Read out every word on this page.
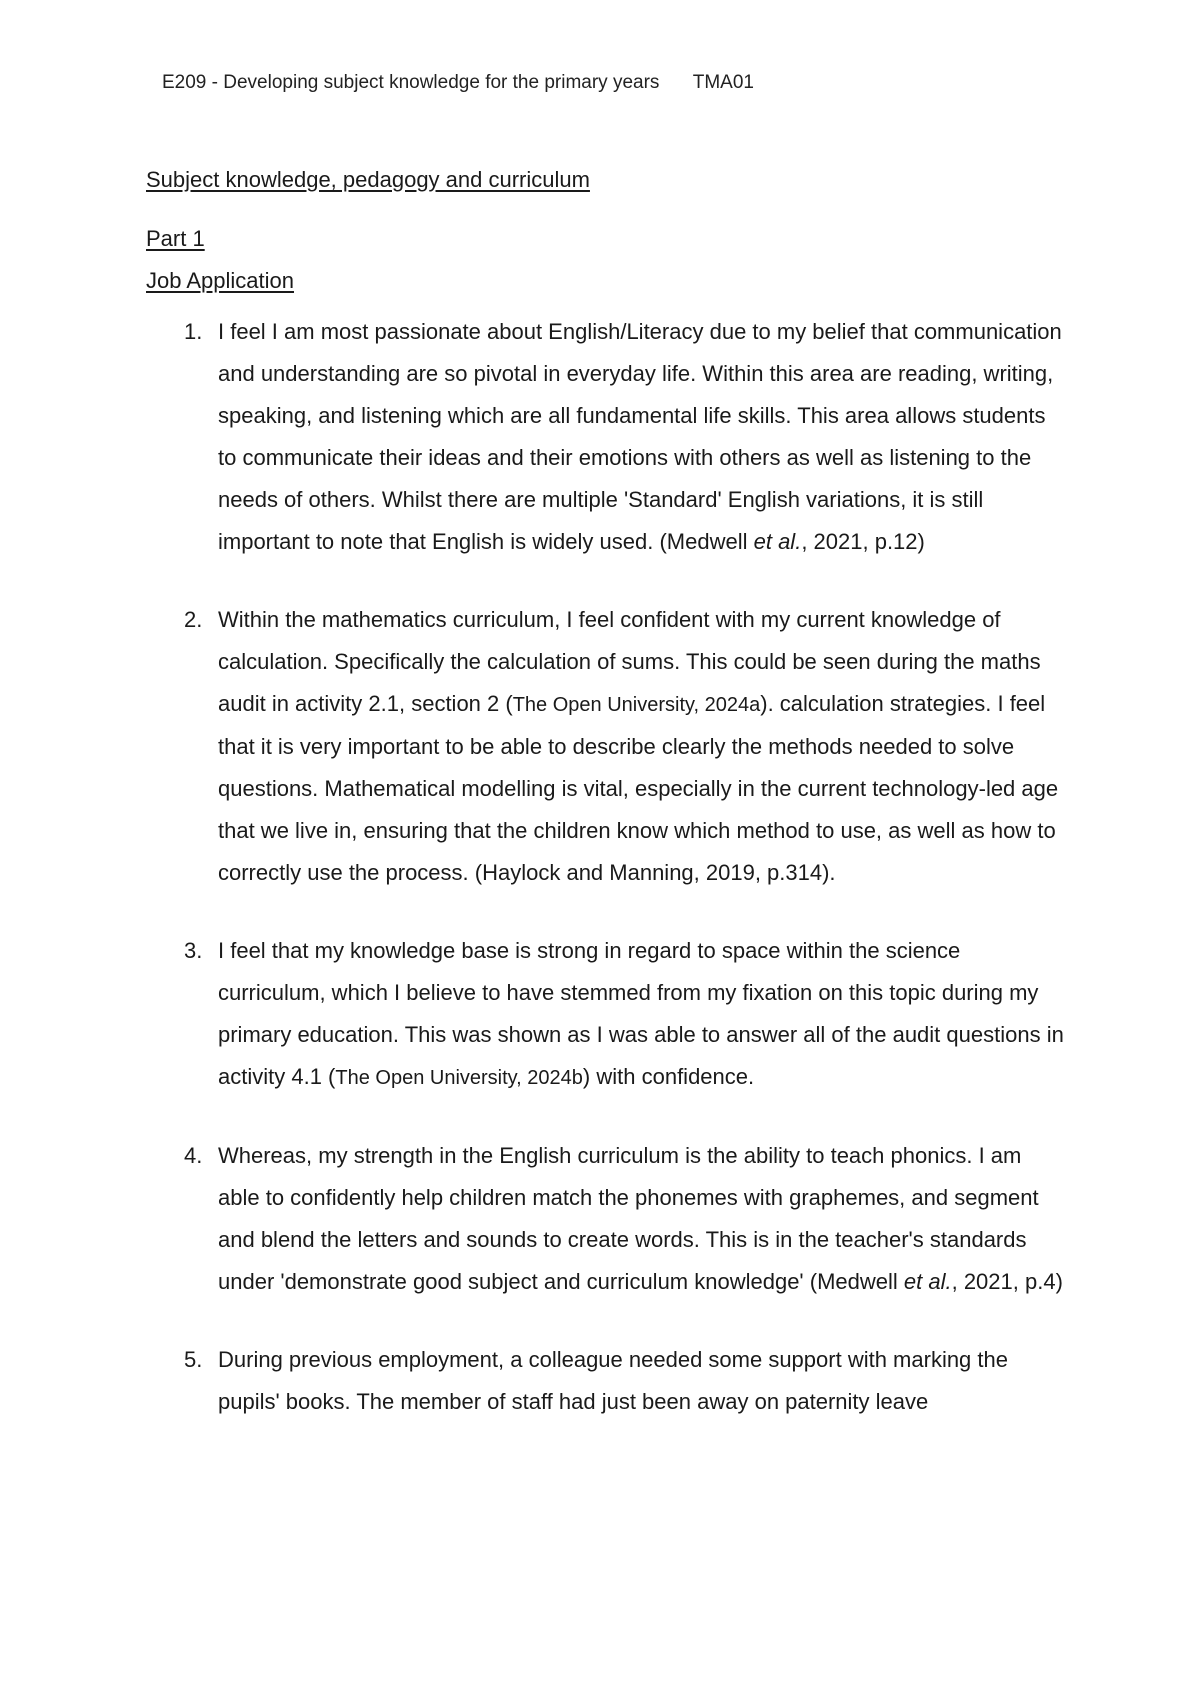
E209 - Developing subject knowledge for the primary years TMA01
Subject knowledge, pedagogy and curriculum
Part 1
Job Application
1. I feel I am most passionate about English/Literacy due to my belief that communication and understanding are so pivotal in everyday life. Within this area are reading, writing, speaking, and listening which are all fundamental life skills. This area allows students to communicate their ideas and their emotions with others as well as listening to the needs of others. Whilst there are multiple 'Standard' English variations, it is still important to note that English is widely used. (Medwell et al., 2021, p.12)
2. Within the mathematics curriculum, I feel confident with my current knowledge of calculation. Specifically the calculation of sums. This could be seen during the maths audit in activity 2.1, section 2 (The Open University, 2024a). calculation strategies. I feel that it is very important to be able to describe clearly the methods needed to solve questions. Mathematical modelling is vital, especially in the current technology-led age that we live in, ensuring that the children know which method to use, as well as how to correctly use the process. (Haylock and Manning, 2019, p.314).
3. I feel that my knowledge base is strong in regard to space within the science curriculum, which I believe to have stemmed from my fixation on this topic during my primary education. This was shown as I was able to answer all of the audit questions in activity 4.1 (The Open University, 2024b) with confidence.
4. Whereas, my strength in the English curriculum is the ability to teach phonics. I am able to confidently help children match the phonemes with graphemes, and segment and blend the letters and sounds to create words. This is in the teacher's standards under 'demonstrate good subject and curriculum knowledge' (Medwell et al., 2021, p.4)
5. During previous employment, a colleague needed some support with marking the pupils' books. The member of staff had just been away on paternity leave
